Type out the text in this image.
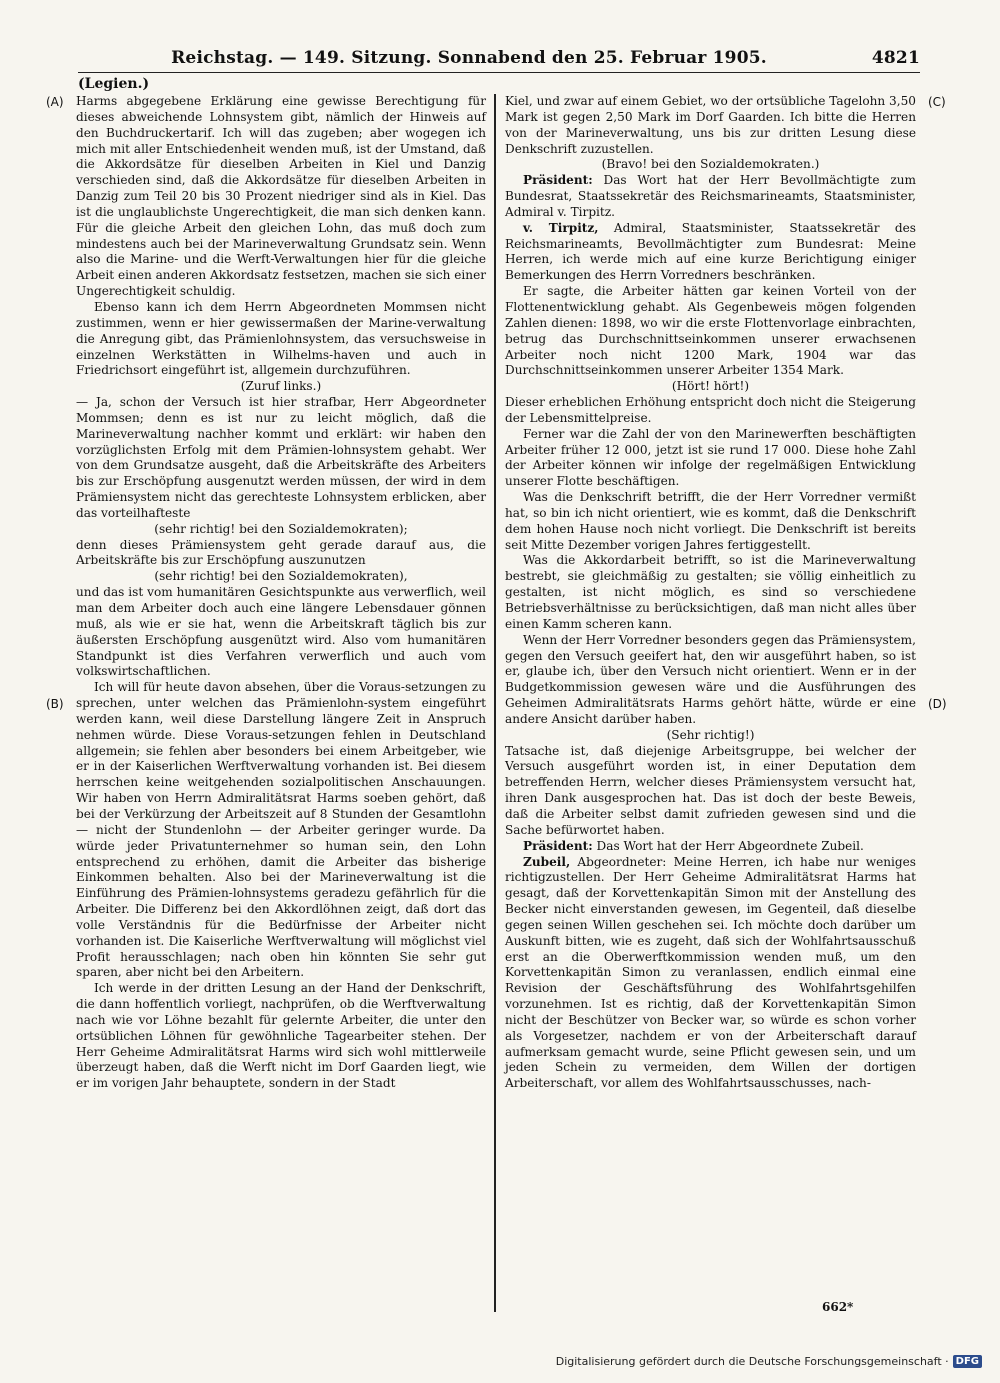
Reichstag. — 149. Sitzung. Sonnabend den 25. Februar 1905.	4821
(Legien.)
(A)
(B)
(C)
(D)

Harms abgegebene Erklärung eine gewisse Berechtigung für dieses abweichende Lohnsystem gibt, nämlich der Hinweis auf den Buchdruckertarif. Ich will das zugeben; aber wogegen ich mich mit aller Entschiedenheit wenden muß, ist der Umstand, daß die Akkordsätze für dieselben Arbeiten in Kiel und Danzig verschieden sind, daß die Akkordsätze für dieselben Arbeiten in Danzig zum Teil 20 bis 30 Prozent niedriger sind als in Kiel. Das ist die unglaublichste Ungerechtigkeit, die man sich denken kann. Für die gleiche Arbeit den gleichen Lohn, das muß doch zum mindestens auch bei der Marineverwaltung Grundsatz sein. Wenn also die Marine- und die Werft-Verwaltungen hier für die gleiche Arbeit einen anderen Akkordsatz festsetzen, machen sie sich einer Ungerechtigkeit schuldig.

Ebenso kann ich dem Herrn Abgeordneten Mommsen nicht zustimmen, wenn er hier gewissermaßen der Marine-verwaltung die Anregung gibt, das Prämienlohnsystem, das versuchsweise in einzelnen Werkstätten in Wilhelms-haven und auch in Friedrichsort eingeführt ist, allgemein durchzuführen.

(Zuruf links.)

— Ja, schon der Versuch ist hier strafbar, Herr Abgeordneter Mommsen; denn es ist nur zu leicht möglich, daß die Marineverwaltung nachher kommt und erklärt: wir haben den vorzüglichsten Erfolg mit dem Prämien-lohnsystem gehabt. Wer von dem Grundsatze ausgeht, daß die Arbeitskräfte des Arbeiters bis zur Erschöpfung ausgenutzt werden müssen, der wird in dem Prämiensystem nicht das gerechteste Lohnsystem erblicken, aber das vorteilhafteste

(sehr richtig! bei den Sozialdemokraten);

denn dieses Prämiensystem geht gerade darauf aus, die Arbeitskräfte bis zur Erschöpfung auszunutzen

(sehr richtig! bei den Sozialdemokraten),

und das ist vom humanitären Gesichtspunkte aus verwerflich, weil man dem Arbeiter doch auch eine längere Lebensdauer gönnen muß, als wie er sie hat, wenn die Arbeitskraft täglich bis zur äußersten Erschöpfung ausgenützt wird. Also vom humanitären Standpunkt ist dies Verfahren verwerflich und auch vom volkswirtschaftlichen.

Ich will für heute davon absehen, über die Voraus-setzungen zu sprechen, unter welchen das Prämienlohn-system eingeführt werden kann, weil diese Darstellung längere Zeit in Anspruch nehmen würde. Diese Voraus-setzungen fehlen in Deutschland allgemein; sie fehlen aber besonders bei einem Arbeitgeber, wie er in der Kaiserlichen Werftverwaltung vorhanden ist. Bei diesem herrschen keine weitgehenden sozialpolitischen Anschauungen. Wir haben von Herrn Admiralitätsrat Harms soeben gehört, daß bei der Verkürzung der Arbeitszeit auf 8 Stunden der Gesamtlohn — nicht der Stundenlohn — der Arbeiter geringer wurde. Da würde jeder Privatunternehmer so human sein, den Lohn entsprechend zu erhöhen, damit die Arbeiter das bisherige Einkommen behalten. Also bei der Marineverwaltung ist die Einführung des Prämien-lohnsystems geradezu gefährlich für die Arbeiter. Die Differenz bei den Akkordlöhnen zeigt, daß dort das volle Verständnis für die Bedürfnisse der Arbeiter nicht vorhanden ist. Die Kaiserliche Werftverwaltung will möglichst viel Profit herausschlagen; nach oben hin könnten Sie sehr gut sparen, aber nicht bei den Arbeitern.

Ich werde in der dritten Lesung an der Hand der Denkschrift, die dann hoffentlich vorliegt, nachprüfen, ob die Werftverwaltung nach wie vor Löhne bezahlt für gelernte Arbeiter, die unter den ortsüblichen Löhnen für gewöhnliche Tagearbeiter stehen. Der Herr Geheime Admiralitätsrat Harms wird sich wohl mittlerweile überzeugt haben, daß die Werft nicht im Dorf Gaarden liegt, wie er im vorigen Jahr behauptete, sondern in der Stadt

Kiel, und zwar auf einem Gebiet, wo der ortsübliche Tagelohn 3,50 Mark ist gegen 2,50 Mark im Dorf Gaarden. Ich bitte die Herren von der Marineverwaltung, uns bis zur dritten Lesung diese Denkschrift zuzustellen.

(Bravo! bei den Sozialdemokraten.)

Präsident: Das Wort hat der Herr Bevollmächtigte zum Bundesrat, Staatssekretär des Reichsmarineamts, Staatsminister, Admiral v. Tirpitz.

v. Tirpitz, Admiral, Staatsminister, Staatssekretär des Reichsmarineamts, Bevollmächtigter zum Bundesrat: Meine Herren, ich werde mich auf eine kurze Berichtigung einiger Bemerkungen des Herrn Vorredners beschränken.

Er sagte, die Arbeiter hätten gar keinen Vorteil von der Flottenentwicklung gehabt. Als Gegenbeweis mögen folgenden Zahlen dienen: 1898, wo wir die erste Flottenvorlage einbrachten, betrug das Durchschnittseinkommen unserer erwachsenen Arbeiter noch nicht 1200 Mark, 1904 war das Durchschnittseinkommen unserer Arbeiter 1354 Mark.

(Hört! hört!)

Dieser erheblichen Erhöhung entspricht doch nicht die Steigerung der Lebensmittelpreise.

Ferner war die Zahl der von den Marinewerften beschäftigten Arbeiter früher 12 000, jetzt ist sie rund 17 000. Diese hohe Zahl der Arbeiter können wir infolge der regelmäßigen Entwicklung unserer Flotte beschäftigen.

Was die Denkschrift betrifft, die der Herr Vorredner vermißt hat, so bin ich nicht orientiert, wie es kommt, daß die Denkschrift dem hohen Hause noch nicht vorliegt. Die Denkschrift ist bereits seit Mitte Dezember vorigen Jahres fertiggestellt.

Was die Akkordarbeit betrifft, so ist die Marineverwaltung bestrebt, sie gleichmäßig zu gestalten; sie völlig einheitlich zu gestalten, ist nicht möglich, es sind so verschiedene Betriebsverhältnisse zu berücksichtigen, daß man nicht alles über einen Kamm scheren kann.

Wenn der Herr Vorredner besonders gegen das Prämiensystem, gegen den Versuch geeifert hat, den wir ausgeführt haben, so ist er, glaube ich, über den Versuch nicht orientiert. Wenn er in der Budgetkommission gewesen wäre und die Ausführungen des Geheimen Admiralitätsrats Harms gehört hätte, würde er eine andere Ansicht darüber haben.

(Sehr richtig!)

Tatsache ist, daß diejenige Arbeitsgruppe, bei welcher der Versuch ausgeführt worden ist, in einer Deputation dem betreffenden Herrn, welcher dieses Prämiensystem versucht hat, ihren Dank ausgesprochen hat. Das ist doch der beste Beweis, daß die Arbeiter selbst damit zufrieden gewesen sind und die Sache befürwortet haben.

Präsident: Das Wort hat der Herr Abgeordnete Zubeil.

Zubeil, Abgeordneter: Meine Herren, ich habe nur weniges richtigzustellen. Der Herr Geheime Admiralitätsrat Harms hat gesagt, daß der Korvettenkapitän Simon mit der Anstellung des Becker nicht einverstanden gewesen, im Gegenteil, daß dieselbe gegen seinen Willen geschehen sei. Ich möchte doch darüber um Auskunft bitten, wie es zugeht, daß sich der Wohlfahrtsausschuß erst an die Oberwerftkommission wenden muß, um den Korvettenkapitän Simon zu veranlassen, endlich einmal eine Revision der Geschäftsführung des Wohlfahrtsgehilfen vorzunehmen. Ist es richtig, daß der Korvettenkapitän Simon nicht der Beschützer von Becker war, so würde es schon vorher als Vorgesetzer, nachdem er von der Arbeiterschaft darauf aufmerksam gemacht wurde, seine Pflicht gewesen sein, und um jeden Schein zu vermeiden, dem Willen der dortigen Arbeiterschaft, vor allem des Wohlfahrtsausschusses, nach-

662*
Digitalisierung gefördert durch die Deutsche Forschungsgemeinschaft · DFG
